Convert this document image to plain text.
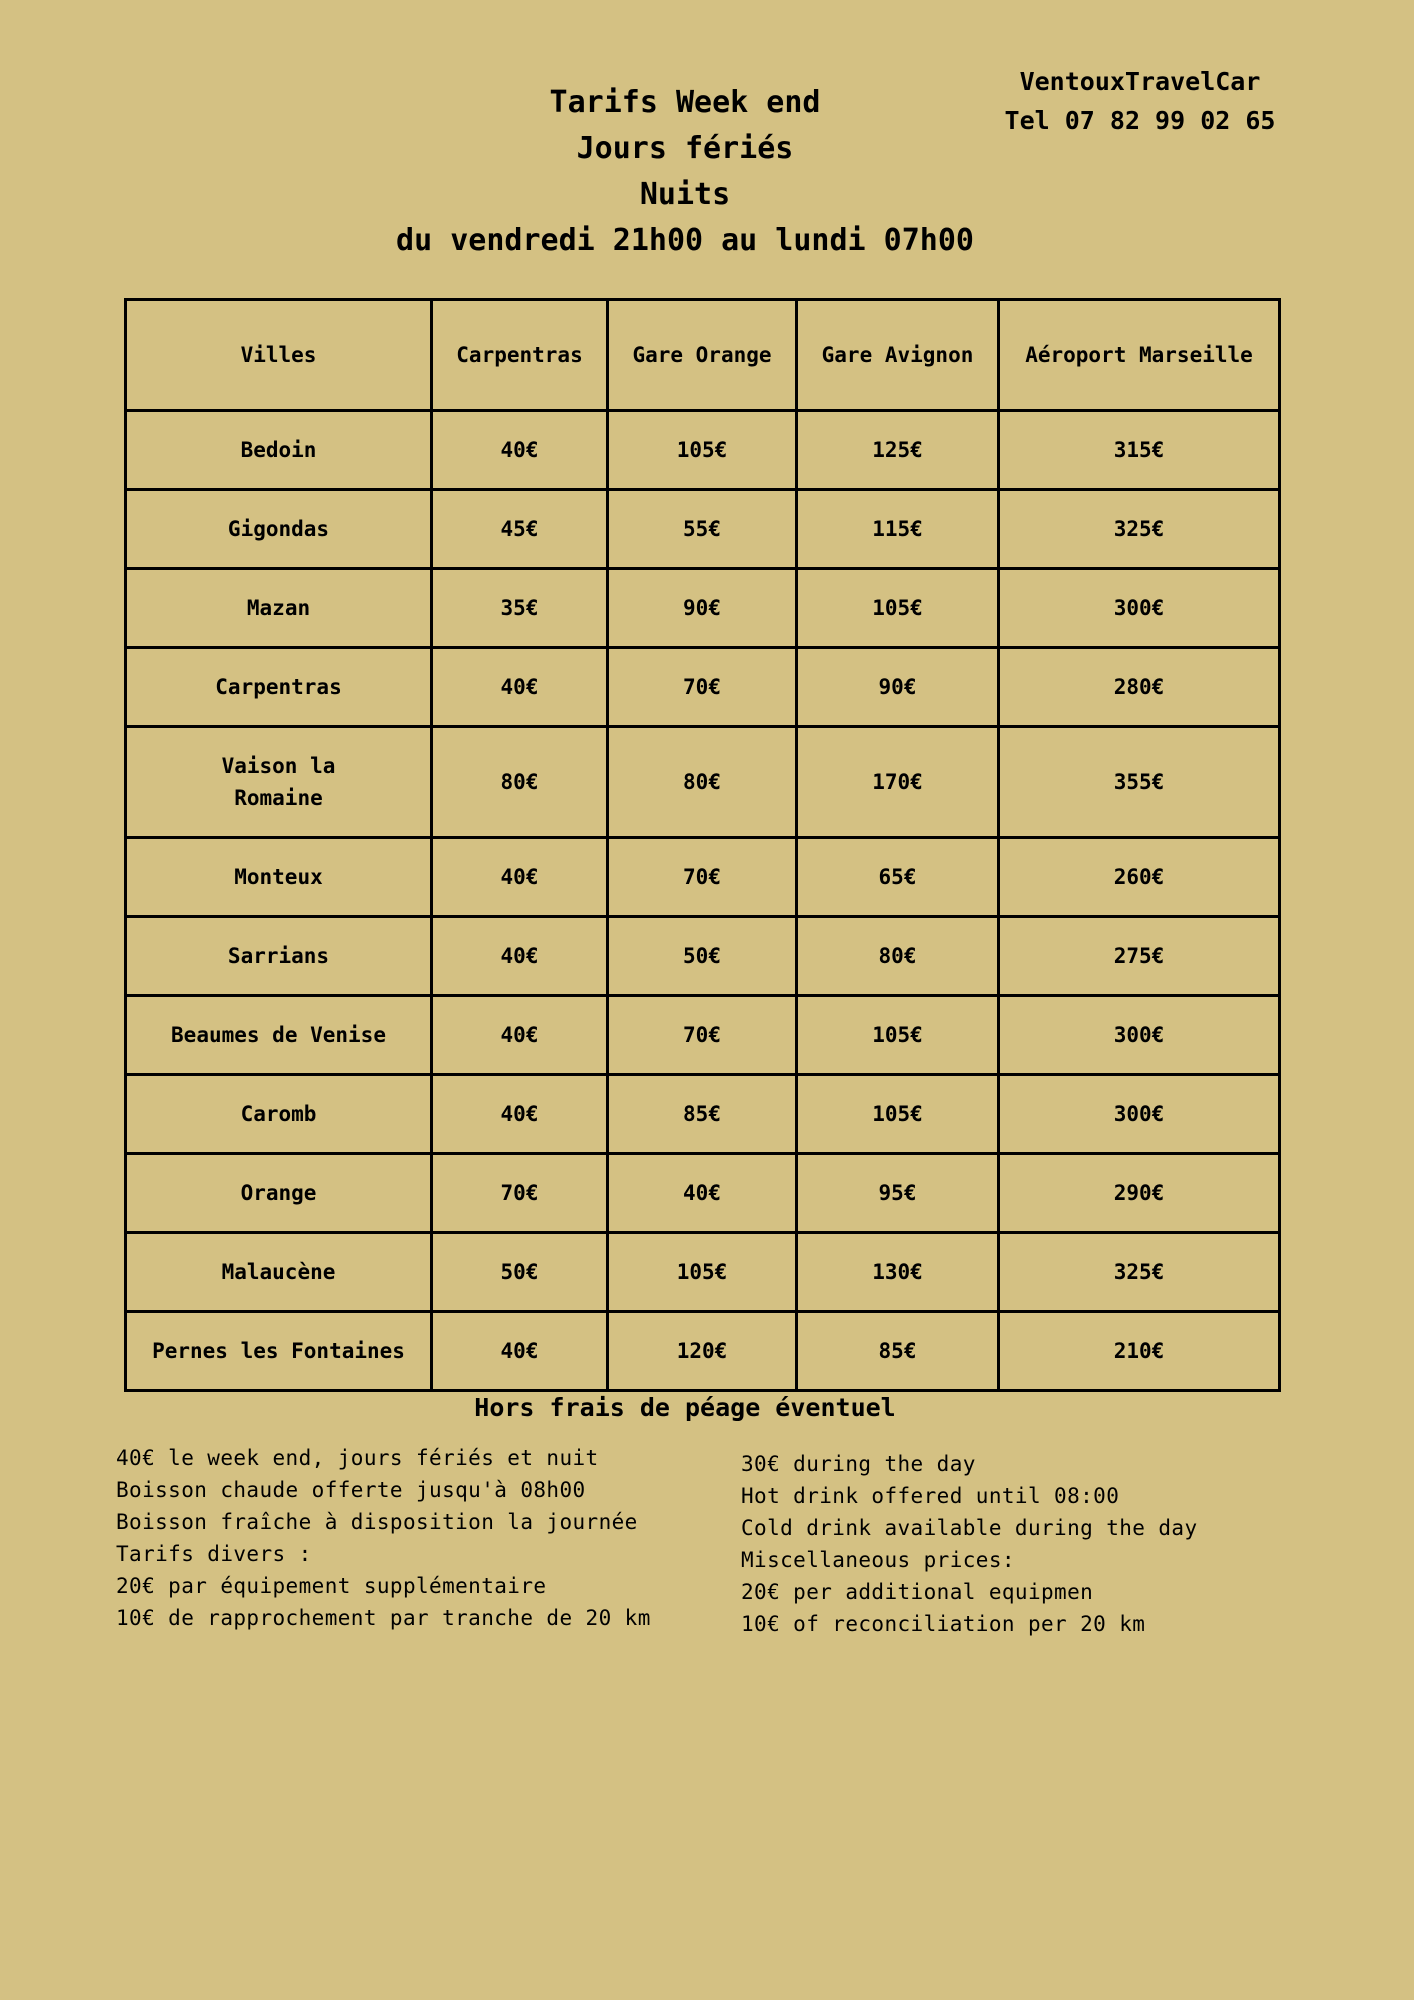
VentouxTravelCar
Tel 07 82 99 02 65
Tarifs Week end
Jours fériés
Nuits
du vendredi 21h00 au lundi 07h00
Villes	Carpentras	Gare Orange	Gare Avignon	Aéroport Marseille
Bedoin	40€	105€	125€	315€
Gigondas	45€	55€	115€	325€
Mazan	35€	90€	105€	300€
Carpentras	40€	70€	90€	280€
Vaison la
Romaine	80€	80€	170€	355€
Monteux	40€	70€	65€	260€
Sarrians	40€	50€	80€	275€
Beaumes de Venise	40€	70€	105€	300€
Caromb	40€	85€	105€	300€
Orange	70€	40€	95€	290€
Malaucène	50€	105€	130€	325€
Pernes les Fontaines	40€	120€	85€	210€
Hors frais de péage éventuel
40€ le week end, jours fériés et nuit
Boisson chaude offerte jusqu'à 08h00
Boisson fraîche à disposition la journée
Tarifs divers :
20€ par équipement supplémentaire
10€ de rapprochement par tranche de 20 km
30€ during the day
Hot drink offered until 08:00
Cold drink available during the day
Miscellaneous prices:
20€ per additional equipmen
10€ of reconciliation per 20 km
